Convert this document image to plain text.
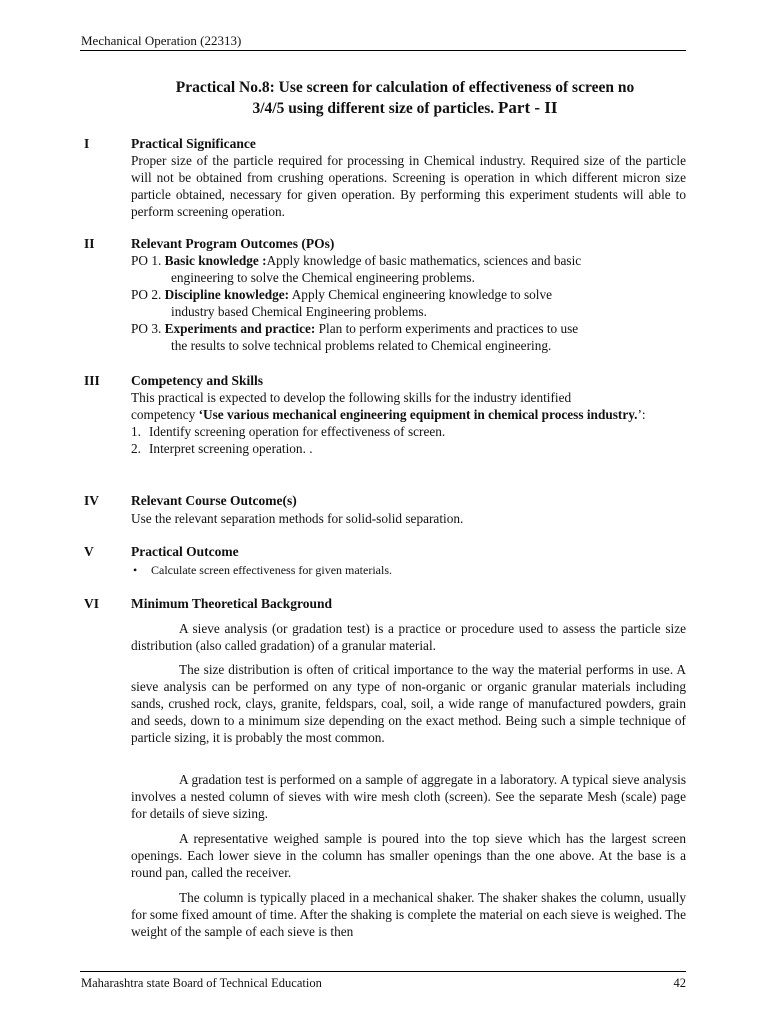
Mechanical Operation (22313)
Practical No.8: Use screen for calculation of effectiveness of screen no
3/4/5 using different size of particles. Part - II
I	Practical Significance

Proper size of the particle required for processing in Chemical industry. Required size of the particle will not be obtained from crushing operations. Screening is operation in which different micron size particle obtained, necessary for given operation. By performing this experiment students will able to perform screening operation.

II	Relevant Program Outcomes (POs)
PO 1. Basic knowledge :Apply knowledge of basic mathematics, sciences and basic
engineering to solve the Chemical engineering problems.
PO 2. Discipline knowledge: Apply Chemical engineering knowledge to solve
industry based Chemical Engineering problems.
PO 3. Experiments and practice: Plan to perform experiments and practices to use
the results to solve technical problems related to Chemical engineering.
III Competency and Skills
This practical is expected to develop the following skills for the industry identified
competency ‘Use various mechanical engineering equipment in chemical process industry.’:
1. Identify screening operation for effectiveness of screen.
2. Interpret screening operation. .
IV Relevant Course Outcome(s)

Use the relevant separation methods for solid-solid separation.

V	Practical Outcome
• Calculate screen effectiveness for given materials.
VI Minimum Theoretical Background

A sieve analysis (or gradation test) is a practice or procedure used to assess the particle size distribution (also called gradation) of a granular material.

The size distribution is often of critical importance to the way the material performs in use. A sieve analysis can be performed on any type of non-organic or organic granular materials including sands, crushed rock, clays, granite, feldspars, coal, soil, a wide range of manufactured powders, grain and seeds, down to a minimum size depending on the exact method. Being such a simple technique of particle sizing, it is probably the most common.

A gradation test is performed on a sample of aggregate in a laboratory. A typical sieve analysis involves a nested column of sieves with wire mesh cloth (screen). See the separate Mesh (scale) page for details of sieve sizing.

A representative weighed sample is poured into the top sieve which has the largest screen openings. Each lower sieve in the column has smaller openings than the one above. At the base is a round pan, called the receiver.

The column is typically placed in a mechanical shaker. The shaker shakes the column, usually for some fixed amount of time. After the shaking is complete the material on each sieve is weighed. The weight of the sample of each sieve is then

Maharashtra state Board of Technical Education	42
